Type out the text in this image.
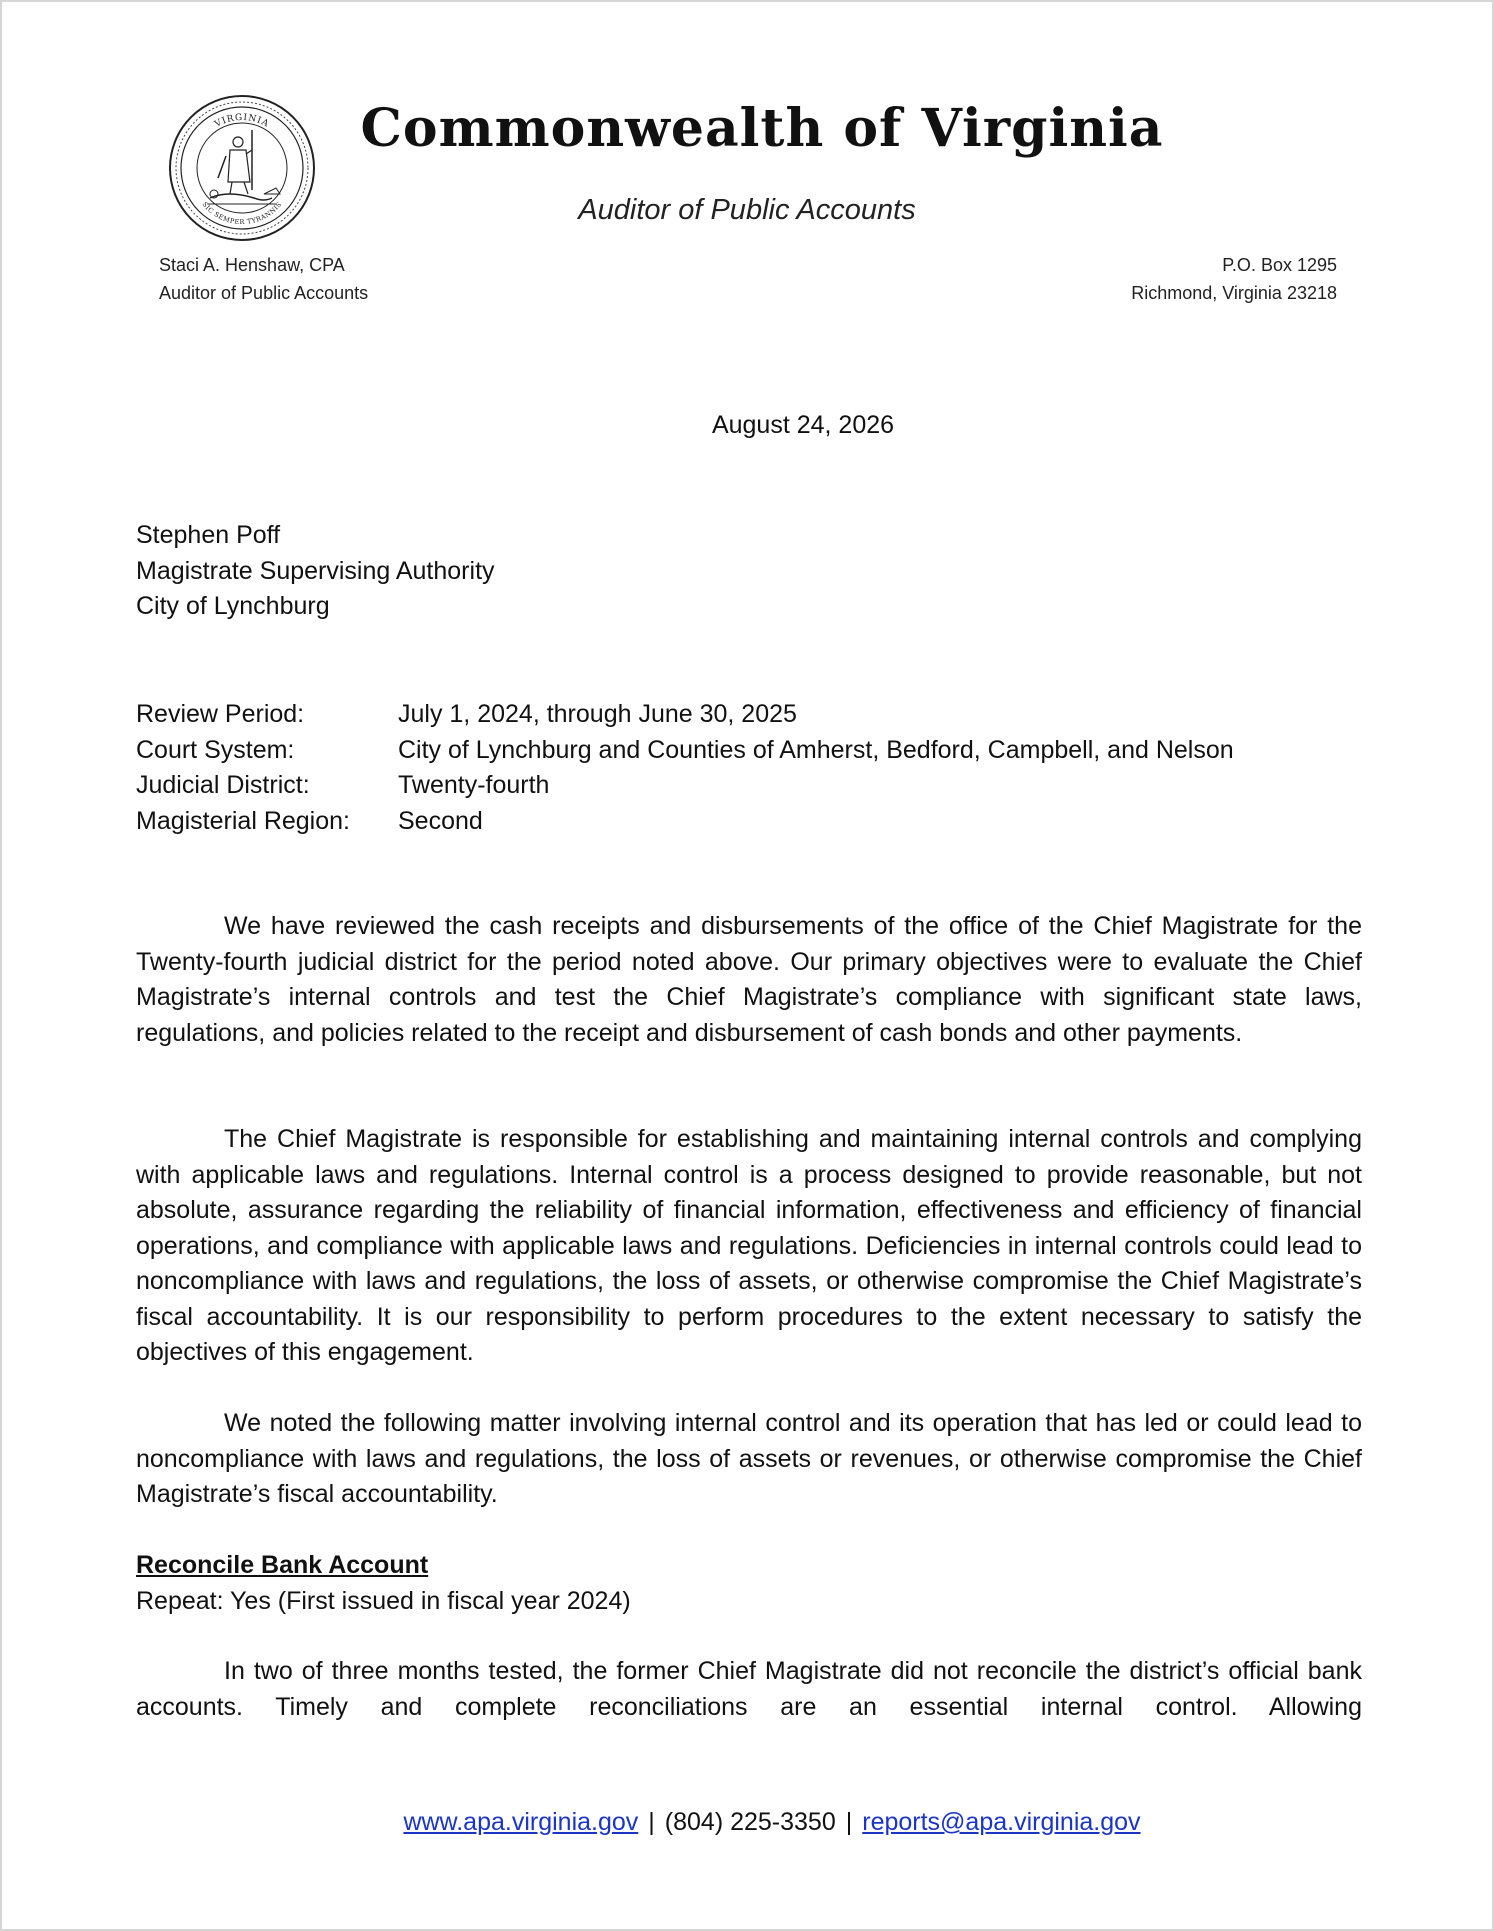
VIRGINIA
SIC SEMPER TYRANNIS
Commonwealth of Virginia
Auditor of Public Accounts
Staci A. Henshaw, CPA
Auditor of Public Accounts
P.O. Box 1295
Richmond, Virginia 23218
August 24, 2026
Stephen Poff
Magistrate Supervising Authority
City of Lynchburg
Review Period:	July 1, 2024, through June 30, 2025
Court System:	City of Lynchburg and Counties of Amherst, Bedford, Campbell, and Nelson
Judicial District:	Twenty-fourth
Magisterial Region:	Second

We have reviewed the cash receipts and disbursements of the office of the Chief Magistrate for the Twenty-fourth judicial district for the period noted above. Our primary objectives were to evaluate the Chief Magistrate’s internal controls and test the Chief Magistrate’s compliance with significant state laws, regulations, and policies related to the receipt and disbursement of cash bonds and other payments.

The Chief Magistrate is responsible for establishing and maintaining internal controls and complying with applicable laws and regulations. Internal control is a process designed to provide reasonable, but not absolute, assurance regarding the reliability of financial information, effectiveness and efficiency of financial operations, and compliance with applicable laws and regulations. Deficiencies in internal controls could lead to noncompliance with laws and regulations, the loss of assets, or otherwise compromise the Chief Magistrate’s fiscal accountability. It is our responsibility to perform procedures to the extent necessary to satisfy the objectives of this engagement.

We noted the following matter involving internal control and its operation that has led or could lead to noncompliance with laws and regulations, the loss of assets or revenues, or otherwise compromise the Chief Magistrate’s fiscal accountability.

Reconcile Bank Account
Repeat: Yes (First issued in fiscal year 2024)

In two of three months tested, the former Chief Magistrate did not reconcile the district’s official bank accounts. Timely and complete reconciliations are an essential internal control. Allowing

www.apa.virginia.gov | (804) 225-3350 | reports@apa.virginia.gov
